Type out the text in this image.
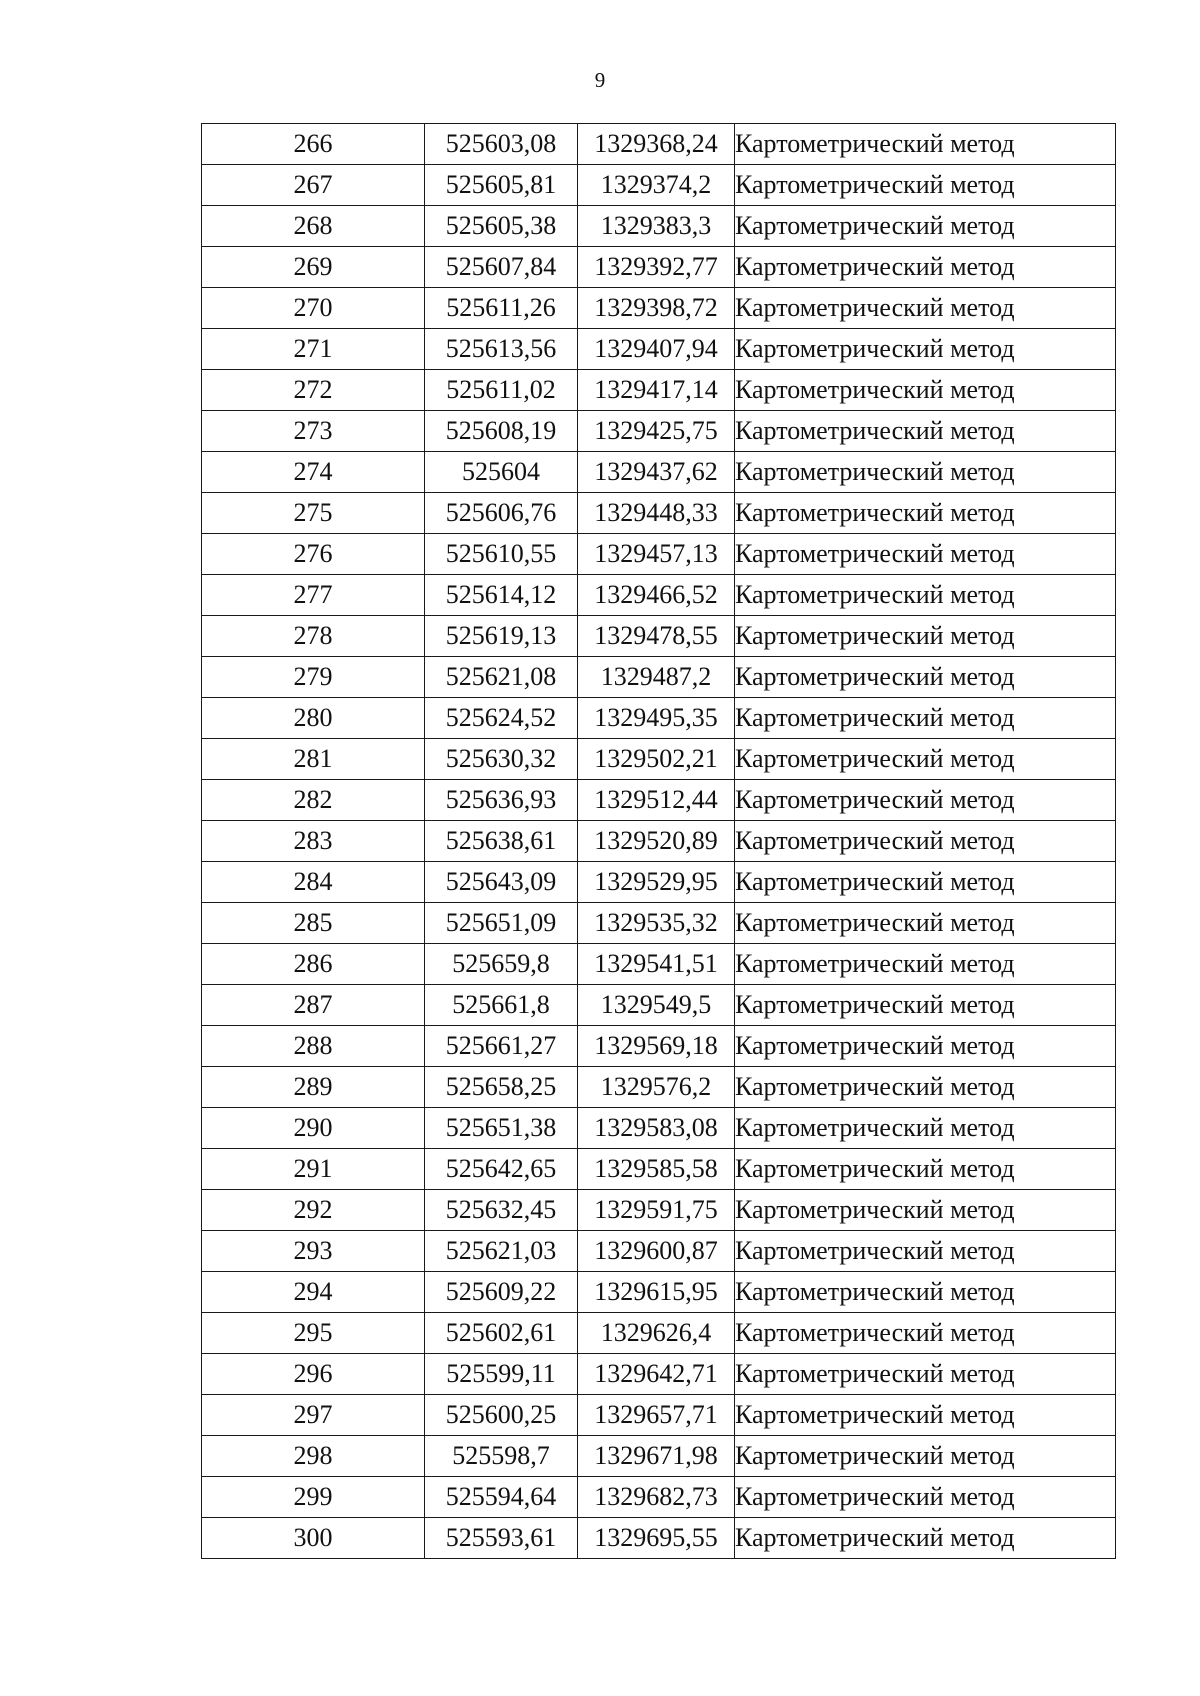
9
266	525603,08	1329368,24	Картометрический метод
267	525605,81	1329374,2	Картометрический метод
268	525605,38	1329383,3	Картометрический метод
269	525607,84	1329392,77	Картометрический метод
270	525611,26	1329398,72	Картометрический метод
271	525613,56	1329407,94	Картометрический метод
272	525611,02	1329417,14	Картометрический метод
273	525608,19	1329425,75	Картометрический метод
274	525604	1329437,62	Картометрический метод
275	525606,76	1329448,33	Картометрический метод
276	525610,55	1329457,13	Картометрический метод
277	525614,12	1329466,52	Картометрический метод
278	525619,13	1329478,55	Картометрический метод
279	525621,08	1329487,2	Картометрический метод
280	525624,52	1329495,35	Картометрический метод
281	525630,32	1329502,21	Картометрический метод
282	525636,93	1329512,44	Картометрический метод
283	525638,61	1329520,89	Картометрический метод
284	525643,09	1329529,95	Картометрический метод
285	525651,09	1329535,32	Картометрический метод
286	525659,8	1329541,51	Картометрический метод
287	525661,8	1329549,5	Картометрический метод
288	525661,27	1329569,18	Картометрический метод
289	525658,25	1329576,2	Картометрический метод
290	525651,38	1329583,08	Картометрический метод
291	525642,65	1329585,58	Картометрический метод
292	525632,45	1329591,75	Картометрический метод
293	525621,03	1329600,87	Картометрический метод
294	525609,22	1329615,95	Картометрический метод
295	525602,61	1329626,4	Картометрический метод
296	525599,11	1329642,71	Картометрический метод
297	525600,25	1329657,71	Картометрический метод
298	525598,7	1329671,98	Картометрический метод
299	525594,64	1329682,73	Картометрический метод
300	525593,61	1329695,55	Картометрический метод
